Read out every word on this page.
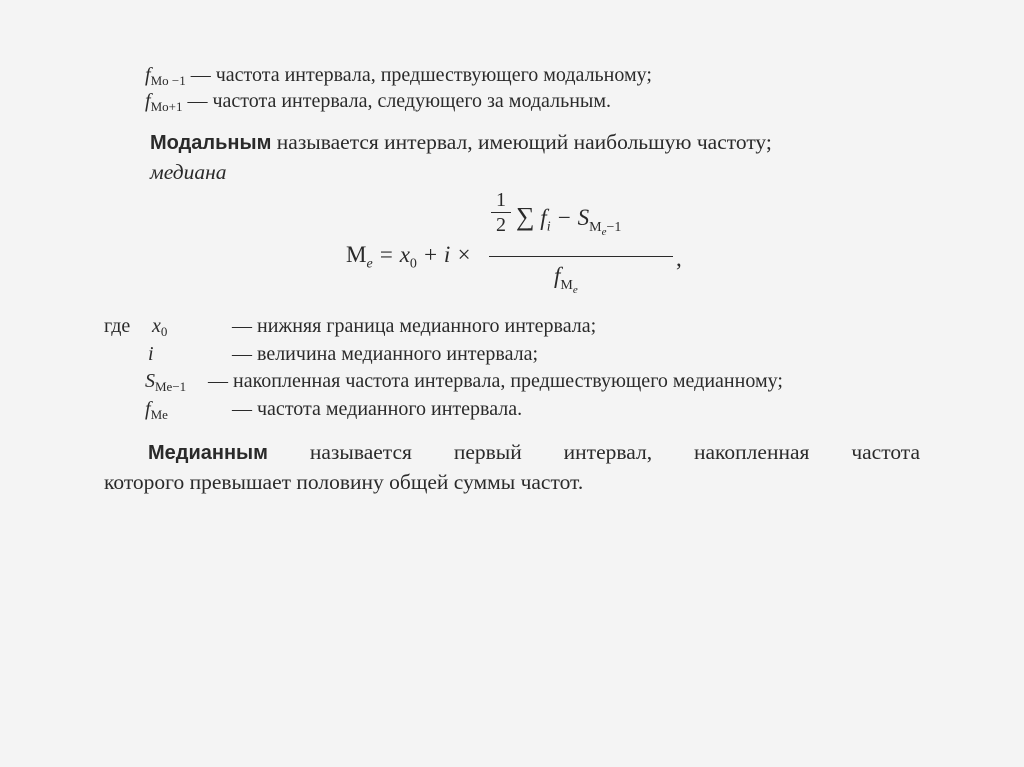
$f_{Mo -1}$ — частота интервала, предшествующего модальному;
$f_{Mo+1}$ — частота интервала, следующего за модальным.
Модальным называется интервал, имеющий наибольшую частоту;
медиана
$M_e = x_0 + i$ ×
1
2 ∑ $f_i - S_{M_e-1}$
$f_{M_e}$
,
где $x_0$	— нижняя граница медианного интервала;
i	— величина медианного интервала;
$S_{Me-1}$ — накопленная частота интервала, предшествующего медианному;
$f_{Me}$	— частота медианного интервала.
Медианным называется первый интервал, накопленная частота
которого превышает половину общей суммы частот.
